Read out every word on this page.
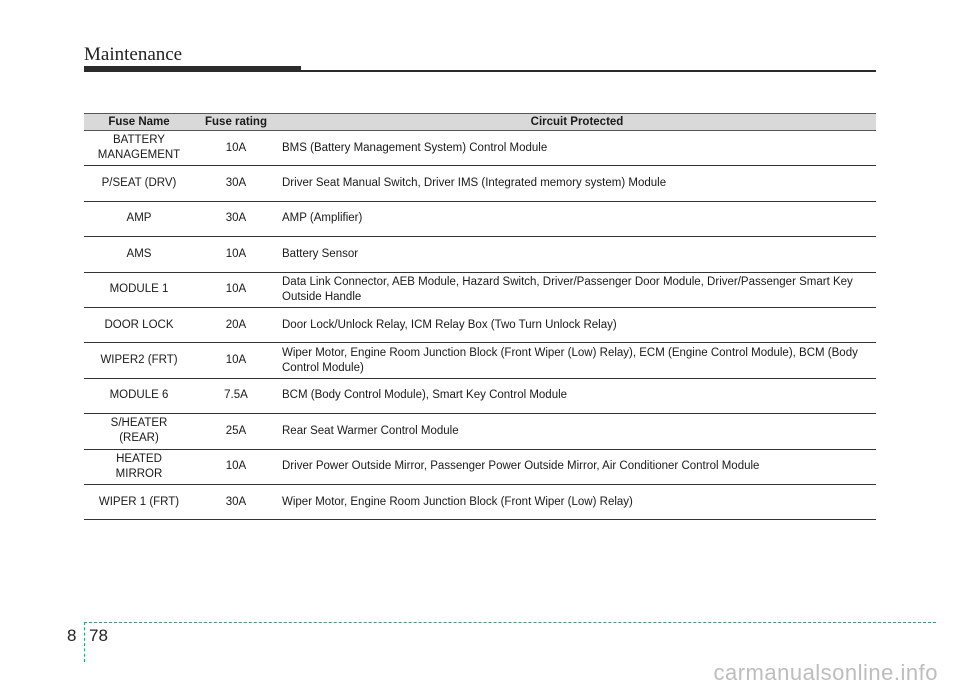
Maintenance
Fuse Name	Fuse rating	Circuit Protected

BATTERY
MANAGEMENT	10A	BMS (Battery Management System) Control Module

P/SEAT (DRV)	30A	Driver Seat Manual Switch, Driver IMS (Integrated memory system) Module

AMP	30A	AMP (Amplifier)

AMS	10A	Battery Sensor

MODULE 1	10A	Data Link Connector, AEB Module, Hazard Switch, Driver/Passenger Door Module, Driver/Passenger Smart Key Outside Handle

DOOR LOCK	20A	Door Lock/Unlock Relay, ICM Relay Box (Two Turn Unlock Relay)

WIPER2 (FRT)	10A	Wiper Motor, Engine Room Junction Block (Front Wiper (Low) Relay), ECM (Engine Control Module), BCM (Body Control Module)

MODULE 6	7.5A	BCM (Body Control Module), Smart Key Control Module

S/HEATER
(REAR)	25A	Rear Seat Warmer Control Module

HEATED
MIRROR	10A	Driver Power Outside Mirror, Passenger Power Outside Mirror, Air Conditioner Control Module

WIPER 1 (FRT)	30A	Wiper Motor, Engine Room Junction Block (Front Wiper (Low) Relay)
8 78
carmanualsonline.info
